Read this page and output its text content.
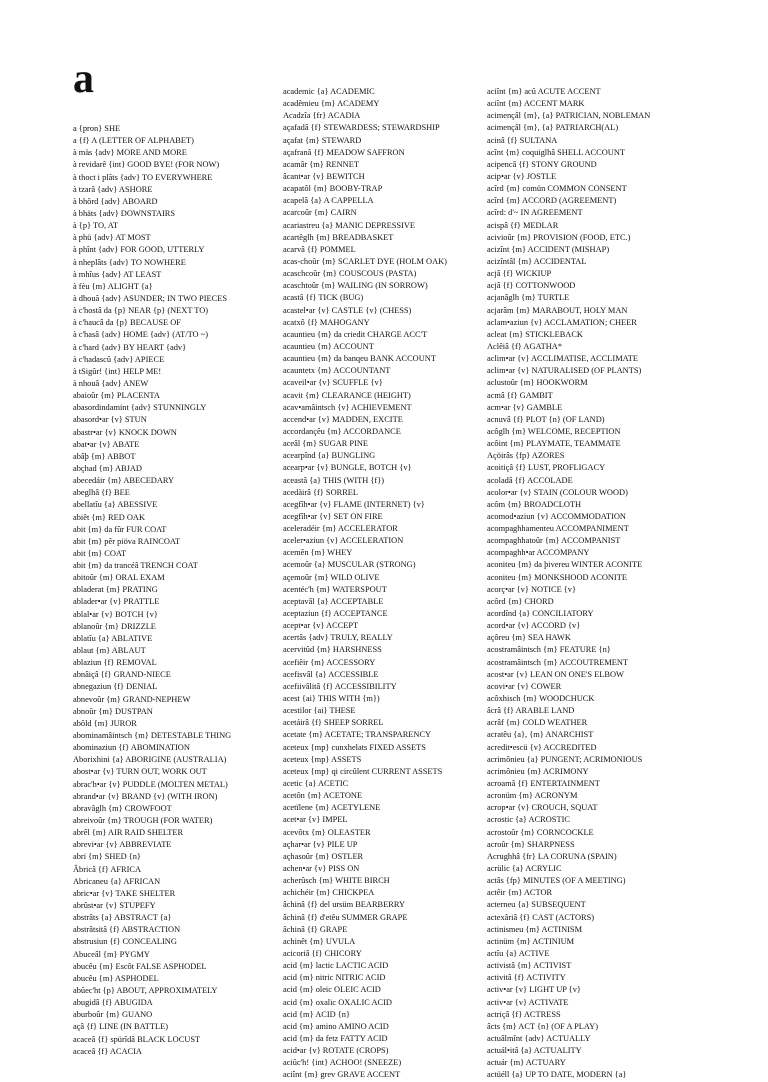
a
a {pron} SHE
a {f} A (LETTER OF ALPHABET)
à màs {adv} MORE AND MORE
à revidarê {int} GOOD BYE! (FOR NOW)
à thoct i plãts {adv} TO EVERYWHERE
à tzarâ {adv} ASHORE
à bhôrd {adv} ABOARD
à bhäts {adv} DOWNSTAIRS
à {p} TO, AT
à phü {adv} AT MOST
à phînt {adv} FOR GOOD, UTTERLY
à nheplâts {adv} TO NOWHERE
à mhîus {adv} AT LEAST
à fèu {m} ALIGHT {a}
à dhouã {adv} ASUNDER; IN TWO PIECES
à c'hostâ da {p} NEAR {p} (NEXT TO)
à c'haucâ da {p} BECAUSE OF
à c'hasâ {adv} HOME {adv} (AT/TO ~)
à c'hard {adv} BY HEART {adv}
à c'hadascû {adv} APIECE
à tSigûr! {int} HELP ME!
à nhouâ {adv} ANEW
abaioûr {m} PLACENTA
abasordindamint {adv} STUNNINGLY
abasord•ar {v} STUN
abastr•ar {v} KNOCK DOWN
abat•ar {v} ABATE
abâþ {m} ABBOT
abçhad {m} ABJAD
abecedáir {m} ABECEDARY
abeglhâ {f} BEE
abellatîu {a} ABESSIVE
abiêt {m} RED OAK
abit {m} da fûr FUR COAT
abit {m} pêr piöva RAINCOAT
abit {m} COAT
abit {m} da trancéâ TRENCH COAT
abitoûr {m} ORAL EXAM
abladerat {m} PRATING
ablader•ar {v} PRATTLE
ablal•ar {v} BOTCH {v}
ablanoûr {m} DRIZZLE
ablatîu {a} ABLATIVE
ablaut {m} ABLAUT
ablaziun {f} REMOVAL
abnâiçâ {f} GRAND-NIECE
abnegaziun {f} DENIAL
abnevoûr {m} GRAND-NEPHEW
abnoûr {m} DUSTPAN
abôld {m} JUROR
abominamâintsch {m} DETESTABLE THING
abominaziun {f} ABOMINATION
Aborixhini {a} ABORIGINE (AUSTRALIA)
abost•ar {v} TURN OUT, WORK OUT
abrac'h•ar {v} PUDDLE (MOLTEN METAL)
abrand•ar {v} BRAND {v} (WITH IRON)
abravâglh {m} CROWFOOT
abreivoûr {m} TROUGH (FOR WATER)
abrêl {m} AIR RAID SHELTER
abrevi•ar {v} ABBREVIATE
abri {m} SHED {n}
Âbricâ {f} AFRICA
Abricaneu {a} AFRICAN
abric•ar {v} TAKE SHELTER
abrûst•ar {v} STUPEFY
abstrâts {a} ABSTRACT {a}
abstrâtsitâ {f} ABSTRACTION
abstrusiun {f} CONCEALING
Abuceâl {m} PYGMY
abucêu {m} Escôt FALSE ASPHODEL
abucêu {m} ASPHODEL
abûec'ht {p} ABOUT, APPROXIMATELY
abugidâ {f} ABUGIDA
aburboûr {m} GUANO
açâ {f} LINE (IN BATTLE)
acaceâ {f} spürîdâ BLACK LOCUST
acaceâ {f} ACACIA
academic {a} ACADEMIC
acadêmieu {m} ACADEMY
Acadzîa {fr} ACADIA
açafadâ {f} STEWARDESS; STEWARDSHIP
açafat {m} STEWARD
açafranâ {f} MEADOW SAFFRON
acamâr {m} RENNET
âcant•ar {v} BEWITCH
acapatôl {m} BOOBY-TRAP
acapelâ {a} A CAPPELLA
acarcoûr {m} CAIRN
acariastreu {a} MANIC DEPRESSIVE
acartêglh {m} BREADBASKET
acarvâ {f} POMMEL
acas-choûr {m} SCARLET DYE (HOLM OAK)
acaschcoûr {m} COUSCOUS (PASTA)
acaschtoûr {m} WAILING (IN SORROW)
acastâ {f} TICK (BUG)
acastel•ar {v} CASTLE {v} (CHESS)
acatxô {f} MAHOGANY
acauntieu {m} da criedit CHARGE ACC'T
acauntieu {m} ACCOUNT
acauntieu {m} da banqeu BANK ACCOUNT
acauntetx {m} ACCOUNTANT
acaveil•ar {v} SCUFFLE {v}
acavit {m} CLEARANCE (HEIGHT)
acav•amâintsch {v} ACHIEVEMENT
accend•ar {v} MADDEN, EXCITE
accordançêu {m} ACCORDANCE
aceâl {m} SUGAR PINE
acearpînd {a} BUNGLING
acearp•ar {v} BUNGLE, BOTCH {v}
aceastâ {a} THIS (WITH {f})
acedàirâ {f} SORREL
acegfîh•ar {v} FLAME (INTERNET) {v}
acegfîh•ar {v} SET ON FIRE
aceleradéir {m} ACCELERATOR
aceler•aziun {v} ACCELERATION
acemên {m} WHEY
acemoûr {a} MUSCULAR (STRONG)
açemoûr {m} WILD OLIVE
acentéc'h {m} WATERSPOUT
aceptavâl {a} ACCEPTABLE
aceptaziun {f} ACCEPTANCE
acept•ar {v} ACCEPT
acertâs {adv} TRULY, REALLY
acervitûd {m} HARSHNESS
acefiêir {m} ACCESSORY
acefisvâl {a} ACCESSIBLE
acefiivâlitâ {f} ACCESSIBILITY
acest {ai} THIS WITH {m})
acestilor {ai} THESE
acetáirâ {f} SHEEP SORREL
acetate {m} ACETATE; TRANSPARENCY
aceteux {mp} cunxhelats FIXED ASSETS
aceteux {mp} ASSETS
aceteux {mp} qi circûlent CURRENT ASSETS
acetic {a} ACETIC
acetôn {m} ACETONE
acetïlene {m} ACETYLENE
acet•ar {v} IMPEL
acevôtx {m} OLEASTER
açhar•ar {v} PILE UP
açhasoûr {m} OSTLER
achen•ar {v} PISS ON
acherûsch {m} WHITE BIRCH
achichéir {m} CHICKPEA
âchinâ {f} del ursüm BEARBERRY
âchinâ {f} d'etêu SUMMER GRAPE
âchinâ {f} GRAPE
achinêt {m} UVULA
acicoriâ {f} CHICORY
acid {m} lactic LACTIC ACID
acid {m} nitric NITRIC ACID
acid {m} oleic OLEIC ACID
acid {m} oxalic OXALIC ACID
acid {m} ACID {n}
acid {m} amino AMINO ACID
acid {m} da fetz FATTY ACID
acid•ar {v} ROTATE (CROPS)
aciûc'h! {int} ACHOO! (SNEEZE)
aciînt {m} grev GRAVE ACCENT
aciînt {m} acû ACUTE ACCENT
aciînt {m} ACCENT MARK
acimençâl {m}, {a} PATRICIAN, NOBLEMAN
acimençâl {m}, {a} PATRIARCH(AL)
acinâ {f} SULTANA
acînt {m} coquiglhâ SHELL ACCOUNT
acipencâ {f} STONY GROUND
acip•ar {v} JOSTLE
acîrd {m} comün COMMON CONSENT
acîrd {m} ACCORD (AGREEMENT)
acîrd: d'~ IN AGREEMENT
acispâ {f} MEDLAR
acivioûr {m} PROVISION (FOOD, ETC.)
acizînt {m} ACCIDENT (MISHAP)
acizîntâl {m} ACCIDENTAL
acjâ {f} WICKIUP
acjâ {f} COTTONWOOD
acjanâglh {m} TURTLE
acjarâm {m} MARABOUT, HOLY MAN
aclam•aziun {v} ACCLAMATION; CHEER
acleat {m} STICKLEBACK
Aclêiâ {f} AGATHA*
aclim•ar {v} ACCLIMATISE, ACCLIMATE
aclim•ar {v} NATURALISED (OF PLANTS)
aclustoûr {m} HOOKWORM
acmâ {f} GAMBIT
acm•ar {v} GAMBLE
acnuvâ {f} PLOT {n} (OF LAND)
acôglh {m} WELCOME, RECEPTION
acôint {m} PLAYMATE, TEAMMATE
Açöirâs {fp} AZORES
acoitiçâ {f} LUST, PROFLIGACY
acoladâ {f} ACCOLADE
acolor•ar {v} STAIN (COLOUR WOOD)
acôm {m} BROADCLOTH
acomod•aziun {v} ACCOMMODATION
acompaghhamenteu ACCOMPANIMENT
acompaghhatoûr {m} ACCOMPANIST
acompaghh•ar ACCOMPANY
aconiteu {m} da þivereu WINTER ACONITE
aconiteu {m} MONKSHOOD ACONITE
acorç•ar {v} NOTICE {v}
acôrd {m} CHORD
acordînd {a} CONCILIATORY
acord•ar {v} ACCORD {v}
açôreu {m} SEA HAWK
acostramâintsch {m} FEATURE {n}
acostramâintsch {m} ACCOUTREMENT
acost•ar {v} LEAN ON ONE'S ELBOW
acovi•ar {v} COWER
acôxhisch {m} WOODCHUCK
âcrâ {f} ARABLE LAND
acrâf {m} COLD WEATHER
acratêu {a}, {m} ANARCHIST
acredit•escü {v} ACCREDITED
acrimônieu {a} PUNGENT; ACRIMONIOUS
acrimônieu {m} ACRIMONY
acroamâ {f} ENTERTAINMENT
acronüm {m} ACRONYM
acrop•ar {v} CROUCH, SQUAT
acrostic {a} ACROSTIC
acrostoûr {m} CORNCOCKLE
acroûr {m} SHARPNESS
Acrughhâ {fr} LA CORUNA (SPAIN)
acrülic {a} ACRYLIC
actâs {fp} MINUTES (OF A MEETING)
actêir {m} ACTOR
acterneu {a} SUBSEQUENT
actexâriâ {f} CAST (ACTORS)
actinismeu {m} ACTINISM
actinüm {m} ACTINIUM
actîu {a} ACTIVE
activistâ {m} ACTIVIST
activitâ {f} ACTIVITY
activ•ar {v} LIGHT UP {v}
activ•ar {v} ACTIVATE
actriçâ {f} ACTRESS
âcts {m} ACT {n} (OF A PLAY)
actuâlmînt {adv} ACTUALLY
actuál•itâ {a} ACTUALITY
actuár {m} ACTUARY
actüéll {a} UP TO DATE, MODERN {a}
